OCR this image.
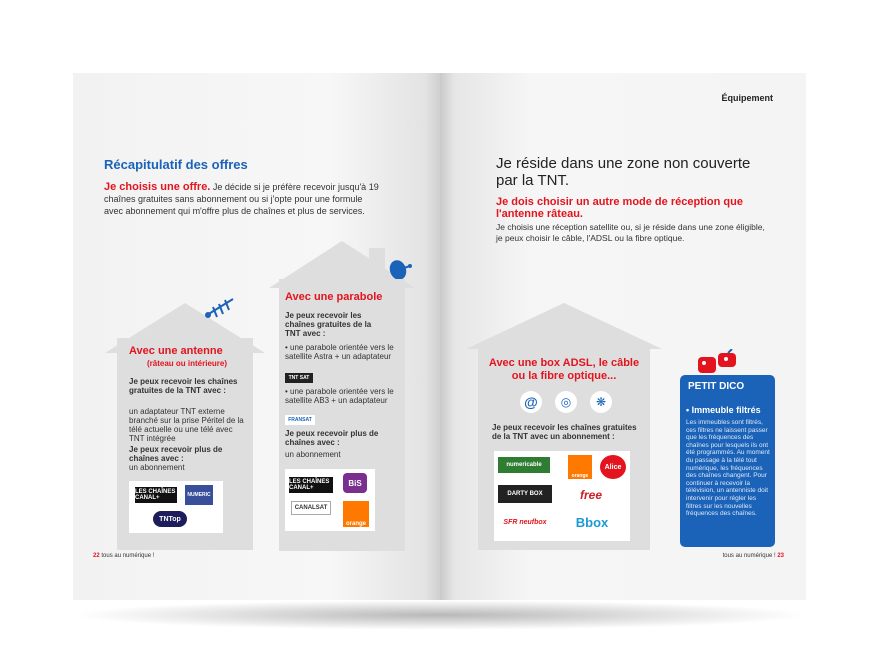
Récapitulatif des offres
Je choisis une offre. Je décide si je préfère recevoir jusqu'à 19 chaînes gratuites sans abonnement ou si j'opte pour une formule avec abonnement qui m'offre plus de chaînes et plus de services.
Avec une antenne
(râteau ou intérieure)
Je peux recevoir les chaînes gratuites de la TNT avec :
un adaptateur TNT externe branché sur la prise Péritel de la télé actuelle ou une télé avec TNT intégrée
Je peux recevoir plus de chaînes avec :
un abonnement
LES CHAÎNES CANAL+	NUMERIC
TNTop
Avec une parabole
Je peux recevoir les chaînes gratuites de la TNT avec :
• une parabole orientée vers le satellite Astra + un adaptateur
TNT SAT
• une parabole orientée vers le satellite AB3 + un adaptateur
FRANSAT
Je peux recevoir plus de chaînes avec :
un abonnement
LES CHAÎNES CANAL+
BiS
CANALSAT
orange
22 tous au numérique !
Équipement
Je réside dans une zone non couverte par la TNT.
Je dois choisir un autre mode de réception que l'antenne râteau.
Je choisis une réception satellite ou, si je réside dans une zone éligible, je peux choisir le câble, l'ADSL ou la fibre optique.
Avec une box ADSL, le câble ou la fibre optique...
@	◎	❋
Je peux recevoir les chaînes gratuites de la TNT avec un abonnement :
numericable
orange
Alice
DARTY BOX	free
SFR neufbox	Bbox
PETIT DICO
• Immeuble filtrés
Les immeubles sont filtrés, ces filtres ne laissent passer que les fréquences des chaînes pour lesquels ils ont été programmés. Au moment du passage à la télé tout numérique, les fréquences des chaînes changent. Pour continuer à recevoir la télévision, un antenniste doit intervenir pour régler les filtres sur les nouvelles fréquences des chaînes.
tous au numérique ! 23
